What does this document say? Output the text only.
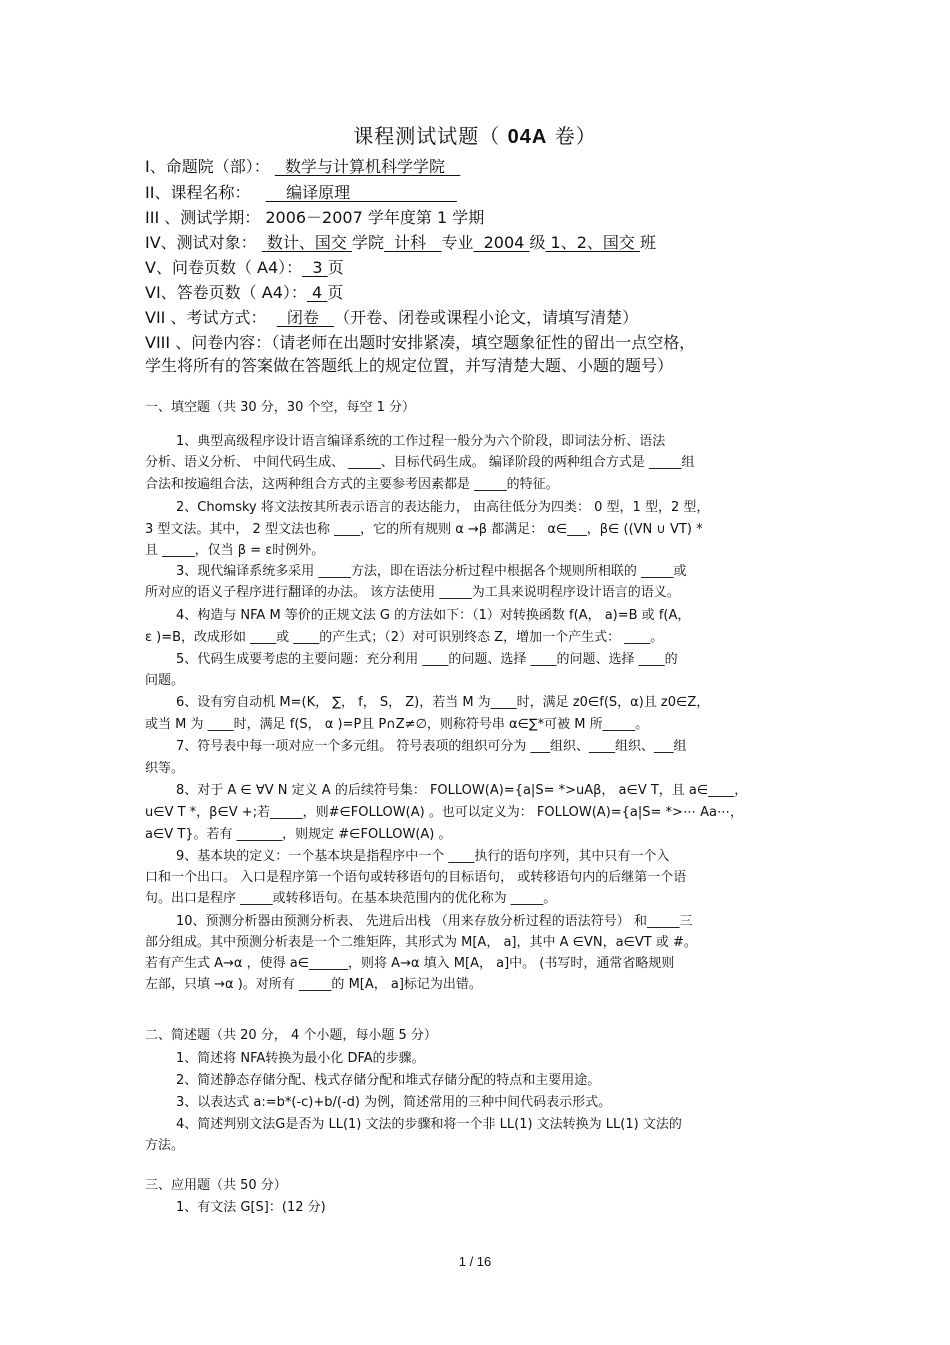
课程测试试题（ 04A 卷）
I、命题院（部）： 数学与计算机科学学院
II、课程名称： 编译原理
III 、测试学期： 2006－2007 学年度第 1 学期
IV、测试对象：  数计、国交 学院 计科 专业 2004 级 1、2、国交 班
V、问卷页数（ A4）： 3 页
VI、答卷页数（ A4）： 4 页
VII 、考试方式： 闭卷 （开卷、闭卷或课程小论文，请填写清楚）
VIII 、问卷内容：（请老师在出题时安排紧凑，填空题象征性的留出一点空格，
学生将所有的答案做在答题纸上的规定位置，并写清楚大题、小题的题号）
一、填空题（共 30 分，30 个空，每空 1 分）
1、典型高级程序设计语言编译系统的工作过程一般分为六个阶段，即词法分析、语法
分析、语义分析、 中间代码生成、 _____、目标代码生成。 编译阶段的两种组合方式是 _____组
合法和按遍组合法，这两种组合方式的主要参考因素都是 _____的特征。
2、Chomsky 将文法按其所表示语言的表达能力， 由高往低分为四类： 0 型，1 型，2 型，
3 型文法。其中， 2 型文法也称 ____，它的所有规则 α →β 都满足： α∈___，β∈ ((VN ∪ VT) *
且 _____，仅当 β = ε时例外。
3、现代编译系统多采用 _____方法，即在语法分析过程中根据各个规则所相联的 _____或
所对应的语义子程序进行翻译的办法。 该方法使用 _____为工具来说明程序设计语言的语义。
4、构造与 NFA M 等价的正规文法 G 的方法如下：（1）对转换函数 f(A， a)=B 或 f(A，
ε )=B，改成形如 ____或 ____的产生式；（2）对可识别终态 Z，增加一个产生式： ____。
5、代码生成要考虑的主要问题：充分利用 ____的问题、选择 ____的问题、选择 ____的
问题。
6、设有穷自动机 M=(K， ∑， f， S， Z)，若当 M 为____时，满足 z0∈f(S，α)且 z0∈Z，
或当 M 为 ____时，满足 f(S， α )=P且 P∩Z≠∅，则称符号串 α∈∑*可被 M 所_____。
7、符号表中每一项对应一个多元组。 符号表项的组织可分为 ___组织、____组织、___组
织等。
8、对于 A ∈ ∀V N 定义 A 的后续符号集： FOLLOW(A)={a|S= *>uAβ， a∈V T，且 a∈____，
u∈V T *，β∈V +;若_____，则#∈FOLLOW(A) 。也可以定义为： FOLLOW(A)={a|S= *>⋯ Aa⋯，
a∈V T}。若有 _______，则规定 #∈FOLLOW(A) 。
9、基本块的定义：一个基本块是指程序中一个 ____执行的语句序列，其中只有一个入
口和一个出口。 入口是程序第一个语句或转移语句的目标语句， 或转移语句内的后继第一个语
句。出口是程序 _____或转移语句。在基本块范围内的优化称为 _____。
10、预测分析器由预测分析表、 先进后出栈 （用来存放分析过程的语法符号） 和_____三
部分组成。其中预测分析表是一个二维矩阵，其形式为 M[A， a]，其中 A ∈VN，a∈VT 或 #。
若有产生式 A→α ，使得 a∈______，则将 A→α 填入 M[A， a]中。 (书写时，通常省略规则
左部，只填 →α )。对所有 _____的 M[A， a]标记为出错。
二、简述题（共 20 分， 4 个小题，每小题 5 分）
1、简述将 NFA转换为最小化 DFA的步骤。
2、简述静态存储分配、栈式存储分配和堆式存储分配的特点和主要用途。
3、以表达式 a:=b*(-c)+b/(-d) 为例，简述常用的三种中间代码表示形式。
4、简述判别文法G是否为 LL(1) 文法的步骤和将一个非 LL(1) 文法转换为 LL(1) 文法的
方法。
三、应用题（共 50 分）
1、有文法 G[S]：(12 分)
1 / 16
